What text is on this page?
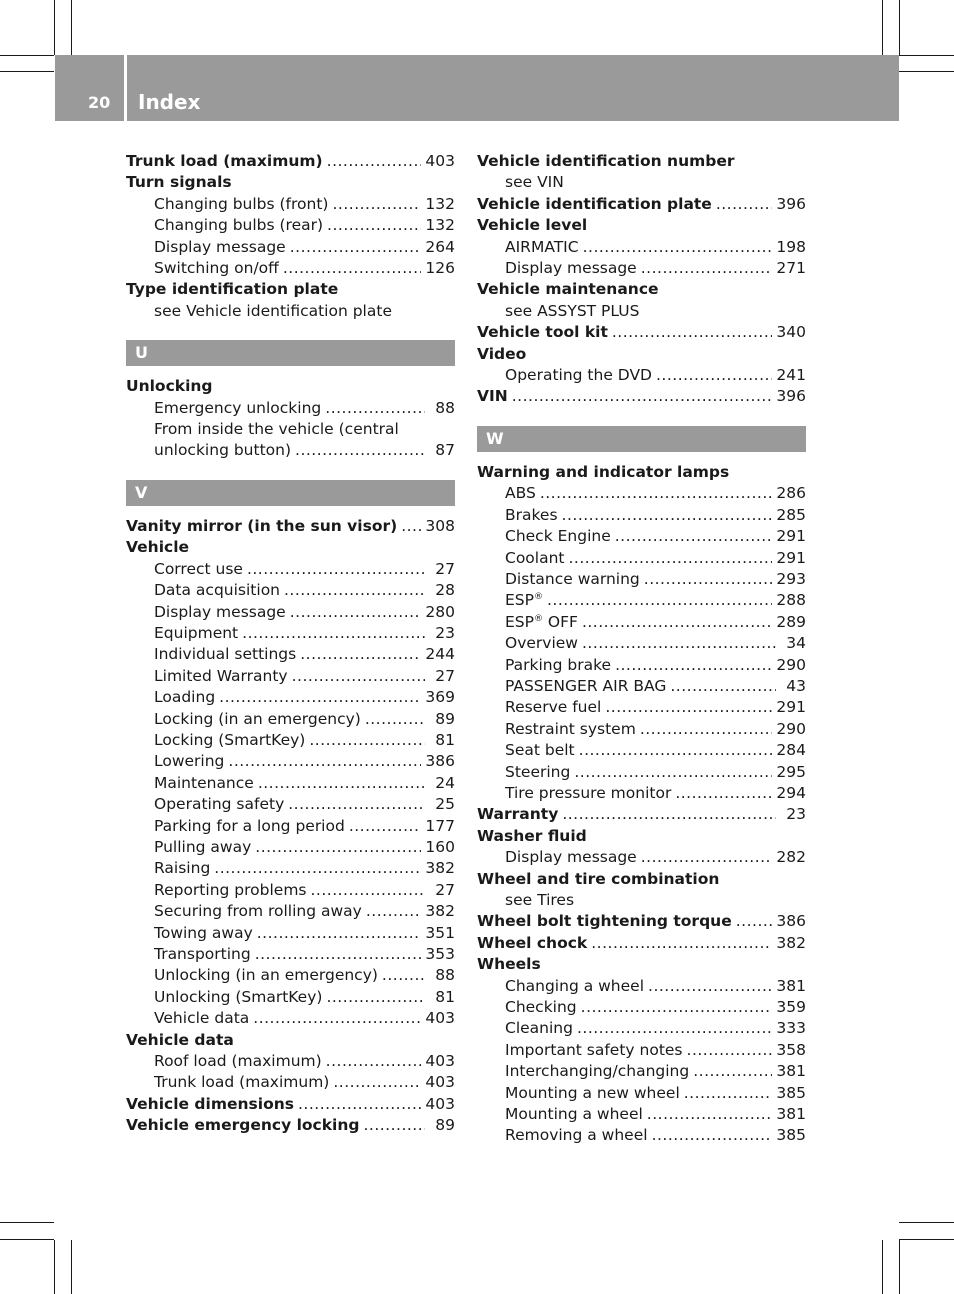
20 Index
Trunk load (maximum) .....	403
Turn signals
Changing bulbs (front) .....	132
Changing bulbs (rear) .....	132
Display message .....	264
Switching on/off .....	126
Type identification plate
see Vehicle identification plate
U
Unlocking
Emergency unlocking .....	88
From inside the vehicle (central
unlocking button) .....	87
V
Vanity mirror (in the sun visor) ..... 308
Vehicle
Correct use .....	27
Data acquisition .....	28
Display message .....	280
Equipment .....	23
Individual settings .....	244
Limited Warranty .....	27
Loading .....	369
Locking (in an emergency) .....	89
Locking (SmartKey) .....	81
Lowering .....	386
Maintenance .....	24
Operating safety .....	25
Parking for a long period .....	177
Pulling away .....	160
Raising .....	382
Reporting problems .....	27
Securing from rolling away .....	382
Towing away .....	351
Transporting .....	353
Unlocking (in an emergency) .....	88
Unlocking (SmartKey) .....	81
Vehicle data .....	403
Vehicle data
Roof load (maximum) .....	403
Trunk load (maximum) .....	403
Vehicle dimensions .....	403
Vehicle emergency locking .....	89
Vehicle identification number
see VIN
Vehicle identification plate .....	396
Vehicle level
AIRMATIC .....	198
Display message .....	271
Vehicle maintenance
see ASSYST PLUS
Vehicle tool kit .....	340
Video
Operating the DVD .....	241
VIN .....	396
W
Warning and indicator lamps
ABS .....	286
Brakes .....	285
Check Engine .....	291
Coolant .....	291
Distance warning .....	293
ESP® .....	288
ESP® OFF .....	289
Overview .....	34
Parking brake .....	290
PASSENGER AIR BAG .....	43
Reserve fuel .....	291
Restraint system .....	290
Seat belt .....	284
Steering .....	295
Tire pressure monitor .....	294
Warranty .....	23
Washer fluid
Display message .....	282
Wheel and tire combination
see Tires
Wheel bolt tightening torque .....	386
Wheel chock .....	382
Wheels
Changing a wheel .....	381
Checking .....	359
Cleaning .....	333
Important safety notes .....	358
Interchanging/changing .....	381
Mounting a new wheel .....	385
Mounting a wheel .....	381
Removing a wheel .....	385
